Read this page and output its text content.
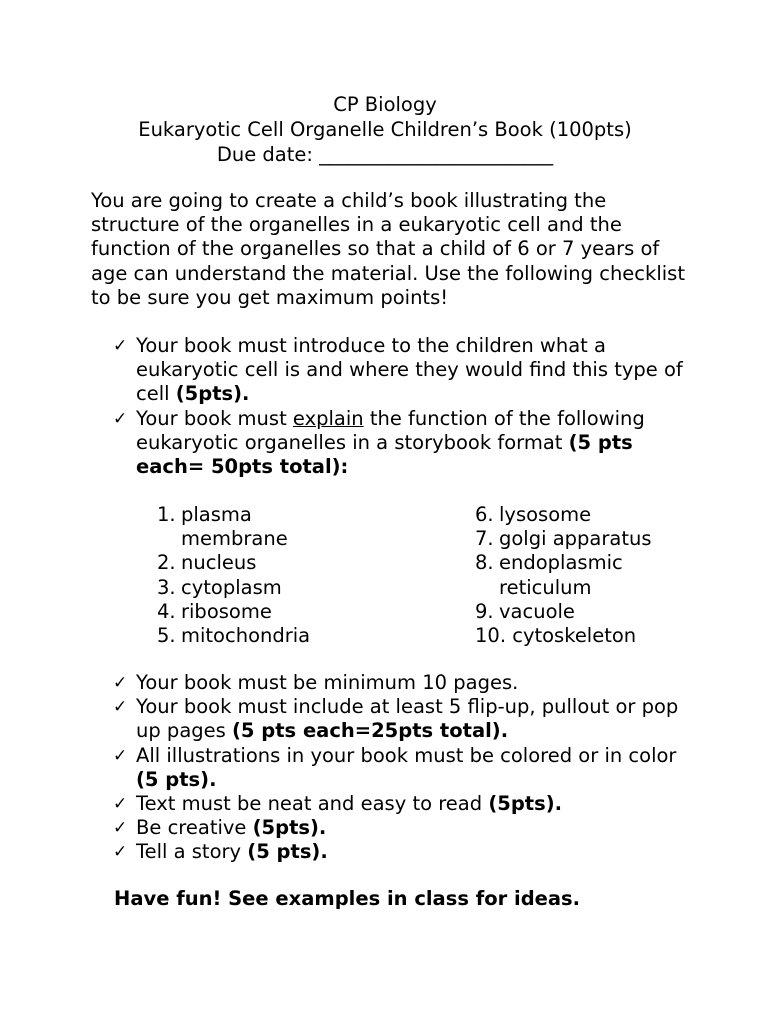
CP Biology
Eukaryotic Cell Organelle Children’s Book (100pts)
Due date: ________________________
You are going to create a child’s book illustrating the structure of the organelles in a eukaryotic cell and the function of the organelles so that a child of 6 or 7 years of age can understand the material. Use the following checklist to be sure you get maximum points!
✓ Your book must introduce to the children what a eukaryotic cell is and where they would find this type of cell (5pts).
✓ Your book must explain the function of the following eukaryotic organelles in a storybook format (5 pts each= 50pts total):
1. plasma membrane
2. nucleus
3. cytoplasm
4. ribosome
5. mitochondria
6. lysosome
7. golgi apparatus
8. endoplasmic reticulum
9. vacuole
10. cytoskeleton
✓ Your book must be minimum 10 pages.
✓ Your book must include at least 5 flip-up, pullout or pop up pages (5 pts each=25pts total).
✓ All illustrations in your book must be colored or in color (5 pts).
✓ Text must be neat and easy to read (5pts).
✓ Be creative (5pts).
✓ Tell a story (5 pts).
Have fun! See examples in class for ideas.
